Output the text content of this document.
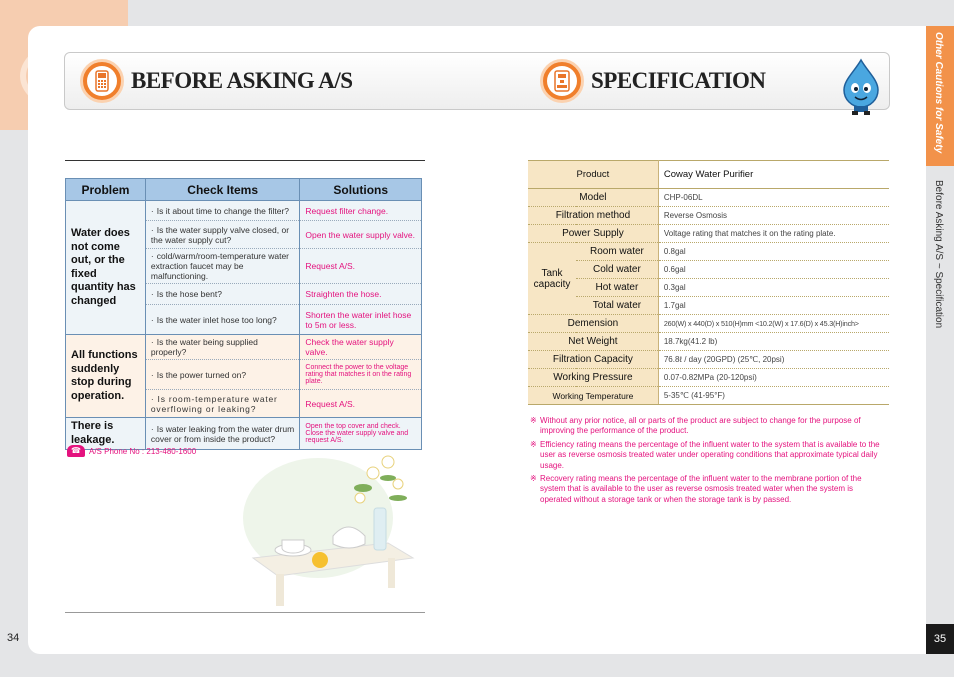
BEFORE ASKING A/S	SPECIFICATION
Problem	Check Items	Solutions
Water does not come out, or the fixed quantity has changed	· Is it about time to change the filter?	Request filter change.
	· Is the water supply valve closed, or the water supply cut?	Open the water supply valve.
	· cold/warm/room-temperature water extraction faucet may be malfunctioning.	Request A/S.
	· Is the hose bent?	Straighten the hose.
	· Is the water inlet hose too long?	Shorten the water inlet hose to 5m or less.
All functions suddenly stop during operation.	· Is the water being supplied properly?	Check the water supply valve.
	· Is the power turned on?	Connect the power to the voltage rating that matches it on the rating plate.
	· Is room-temperature water overflowing or leaking?	Request A/S.
There is leakage.	· Is water leaking from the water drum cover or from inside the product?	Open the top cover and check. Close the water supply valve and request A/S.
☎	A/S Phone No : 213-480-1600
Product		Coway Water Purifier
Model		CHP-06DL
Filtration method		Reverse Osmosis
Power Supply		Voltage rating that matches it on the rating plate.
Tank capacity	Room water	0.8gal
	Cold water	0.6gal
	Hot water	0.3gal
	Total water	1.7gal
Demension		260(W) x 440(D) x 510(H)mm <10.2(W) x 17.6(D) x 45.3(H)inch>
Net Weight		18.7kg(41.2 lb)
Filtration Capacity		76.8ℓ / day (20GPD) (25℃, 20psi)
Working Pressure		0.07-0.82MPa (20-120psi)
Working Temperature		5-35℃ (41-95°F)

※ Without any prior notice, all or parts of the product are subject to change for the purpose of improving the performance of the product.

※ Efficiency rating means the percentage of the influent water to the system that is available to the user as reverse osmosis treated water under operating conditions that approximate typical daily usage.

※ Recovery rating means the percentage of the influent water to the membrane portion of the system that is available to the user as reverse osmosis treated water when the system is operated without a storage tank or when the storage tank is by passed.

Other Cautions for Safety
Before Asking A/S ~ Specification
34	35
